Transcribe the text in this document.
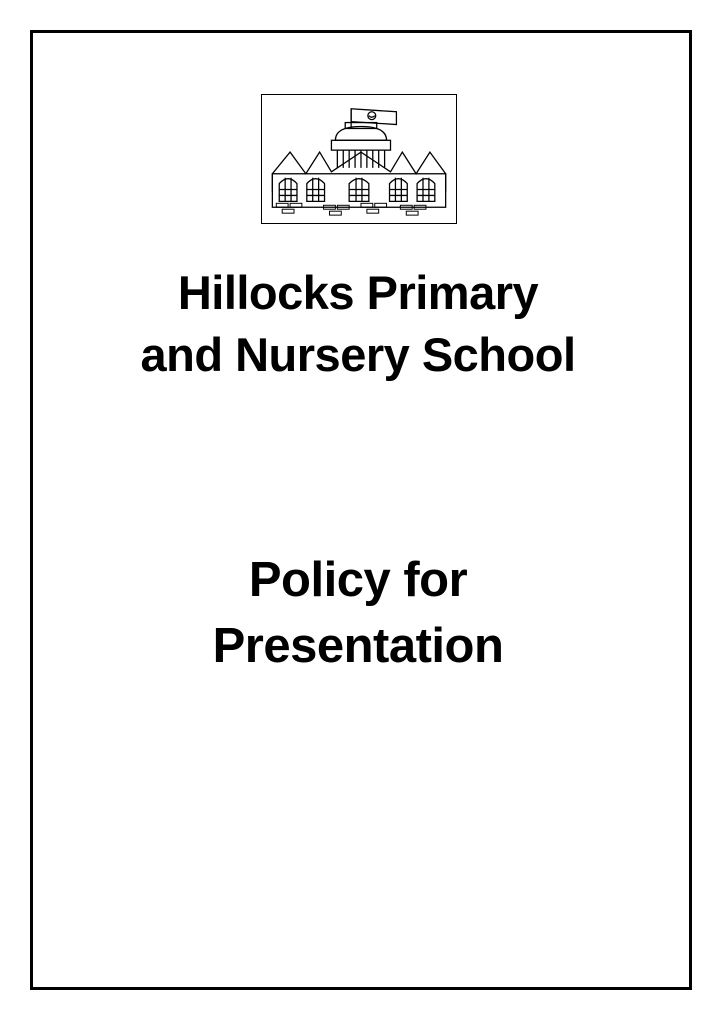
Hillocks Primary
and Nursery School
Policy for
Presentation
